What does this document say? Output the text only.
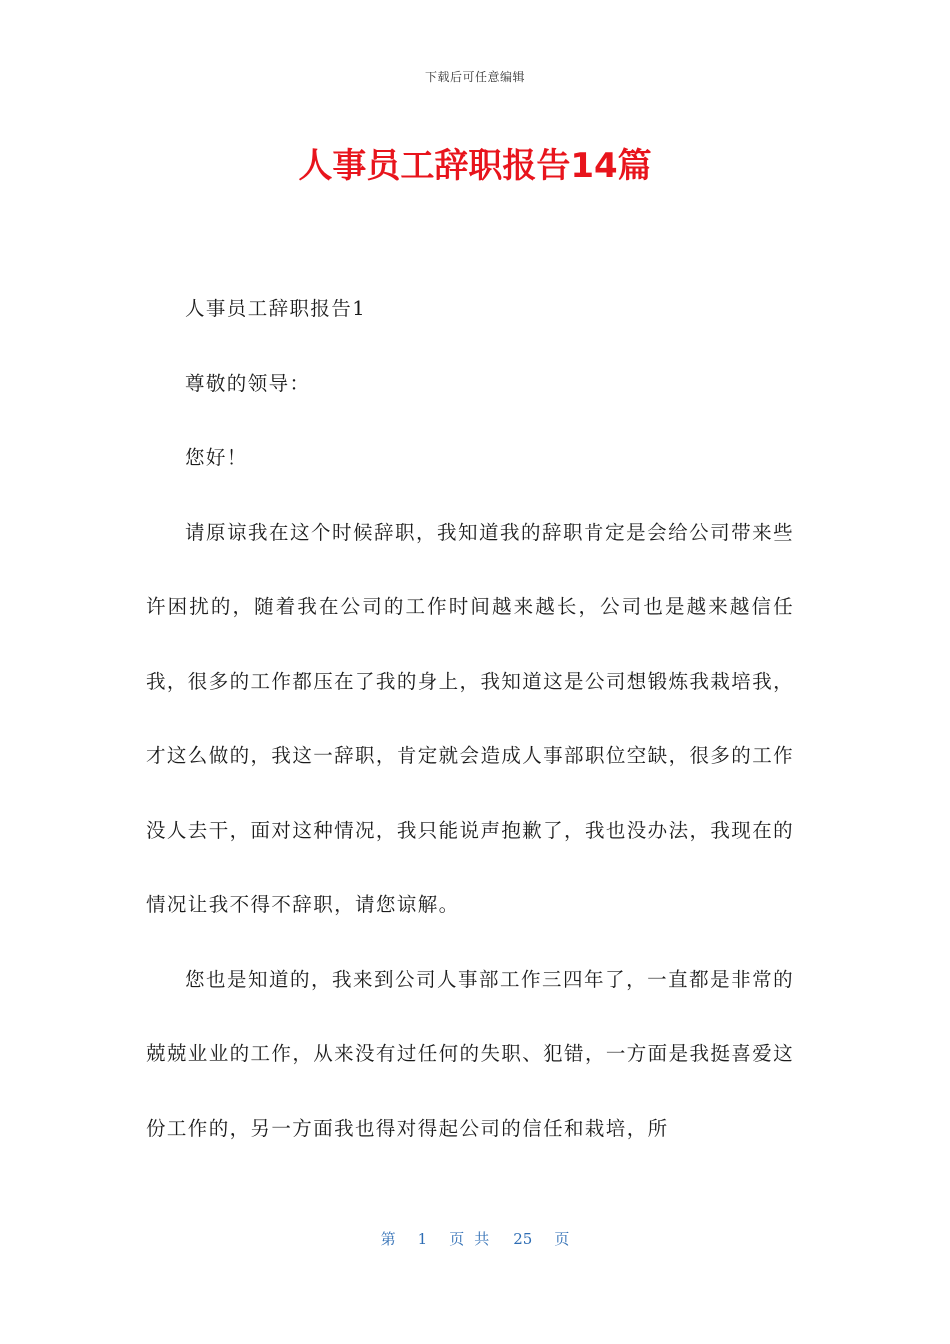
下载后可任意编辑
人事员工辞职报告14篇

人事员工辞职报告1

尊敬的领导：

您好！

请原谅我在这个时候辞职，我知道我的辞职肯定是会给公司带来些许困扰的，随着我在公司的工作时间越来越长，公司也是越来越信任我，很多的工作都压在了我的身上，我知道这是公司想锻炼我栽培我，才这么做的，我这一辞职，肯定就会造成人事部职位空缺，很多的工作没人去干，面对这种情况，我只能说声抱歉了，我也没办法，我现在的情况让我不得不辞职，请您谅解。

您也是知道的，我来到公司人事部工作三四年了，一直都是非常的兢兢业业的工作，从来没有过任何的失职、犯错，一方面是我挺喜爱这份工作的，另一方面我也得对得起公司的信任和栽培，所

第 1 页共 25 页
